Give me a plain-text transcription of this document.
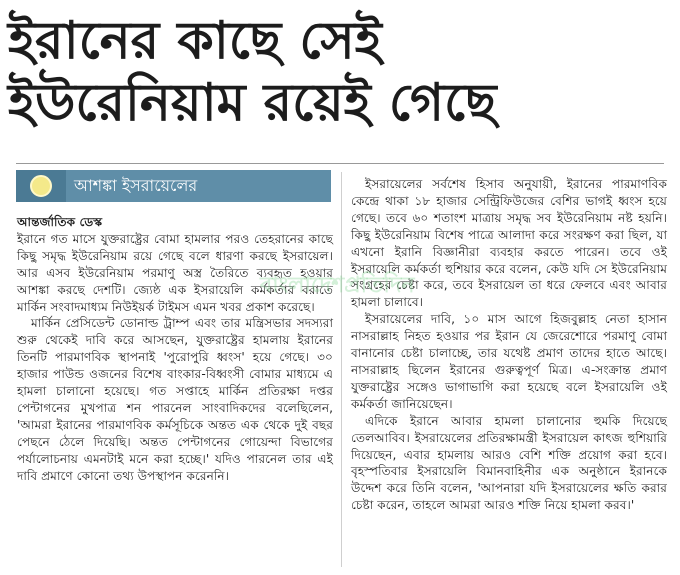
ইরানের কাছে সেই
ইউরেনিয়াম রয়েই গেছে
আশঙ্কা ইসরায়েলের

আন্তর্জাতিক ডেস্ক

ইরানে গত মাসে যুক্তরাষ্ট্রের বোমা হামলার পরও তেহরানের কাছে কিছু সমৃদ্ধ ইউরেনিয়াম রয়ে গেছে বলে ধারণা করছে ইসরায়েল। আর এসব ইউরেনিয়াম পরমাণু অস্ত্র তৈরিতে ব্যবহৃত হওয়ার আশঙ্কা করছে দেশটি। জ্যেষ্ঠ এক ইসরায়েলি কর্মকর্তার বরাতে মার্কিন সংবাদমাধ্যম নিউইয়র্ক টাইমস এমন খবর প্রকাশ করেছে।

মার্কিন প্রেসিডেন্ট ডোনাল্ড ট্রাম্প এবং তার মন্ত্রিসভার সদস্যরা শুরু থেকেই দাবি করে আসছেন, যুক্তরাষ্ট্রের হামলায় ইরানের তিনটি পারমাণবিক স্থাপনাই 'পুরোপুরি ধ্বংস' হয়ে গেছে। ৩০ হাজার পাউন্ড ওজনের বিশেষ বাংকার-বিধ্বংসী বোমার মাধ্যমে এ হামলা চালানো হয়েছে। গত সপ্তাহে মার্কিন প্রতিরক্ষা দপ্তর পেন্টাগনের মুখপাত্র শন পারনেল সাংবাদিকদের বলেছিলেন, 'আমরা ইরানের পারমাণবিক কর্মসূচিকে অন্তত এক থেকে দুই বছর পেছনে ঠেলে দিয়েছি। অন্তত পেন্টাগনের গোয়েন্দা বিভাগের পর্যালোচনায় এমনটাই মনে করা হচ্ছে।' যদিও পারনেল তার এই দাবি প্রমাণে কোনো তথ্য উপস্থাপন করেননি।

ইসরায়েলের সর্বশেষ হিসাব অনুযায়ী, ইরানের পারমাণবিক কেন্দ্রে থাকা ১৮ হাজার সেন্ট্রিফিউজের বেশির ভাগই ধ্বংস হয়ে গেছে। তবে ৬০ শতাংশ মাত্রায় সমৃদ্ধ সব ইউরেনিয়াম নষ্ট হয়নি। কিছু ইউরেনিয়াম বিশেষ পাত্রে আলাদা করে সংরক্ষণ করা ছিল, যা এখনো ইরানি বিজ্ঞানীরা ব্যবহার করতে পারেন। তবে ওই ইসরায়েলি কর্মকর্তা হুশিয়ার করে বলেন, কেউ যদি সে ইউরেনিয়াম সংগ্রহের চেষ্টা করে, তবে ইসরায়েল তা ধরে ফেলবে এবং আবার হামলা চালাবে।

ইসরায়েলের দাবি, ১০ মাস আগে হিজবুল্লাহ নেতা হাসান নাসরাল্লাহ নিহত হওয়ার পর ইরান যে জেরেশোরে পরমাণু বোমা বানানোর চেষ্টা চালাচ্ছে, তার যথেষ্ট প্রমাণ তাদের হাতে আছে। নাসরাল্লাহ ছিলেন ইরানের গুরুত্বপূর্ণ মিত্র। এ-সংক্রান্ত প্রমাণ যুক্তরাষ্ট্রের সঙ্গেও ভাগাভাগি করা হয়েছে বলে ইসরায়েলি ওই কর্মকর্তা জানিয়েছেন।

এদিকে ইরানে আবার হামলা চালানোর হুমকি দিয়েছে তেলআবিব। ইসরায়েলের প্রতিরক্ষামন্ত্রী ইসরায়েল কাৎজ হুশিয়ারি দিয়েছেন, এবার হামলায় আরও বেশি শক্তি প্রয়োগ করা হবে। বৃহস্পতিবার ইসরায়েলি বিমানবাহিনীর এক অনুষ্ঠানে ইরানকে উদ্দেশ করে তিনি বলেন, 'আপনারা যদি ইসরায়েলের ক্ষতি করার চেষ্টা করেন, তাহলে আমরা আরও শক্তি নিয়ে হামলা করব।'

বাংলাদেশপ্রতিদিন
